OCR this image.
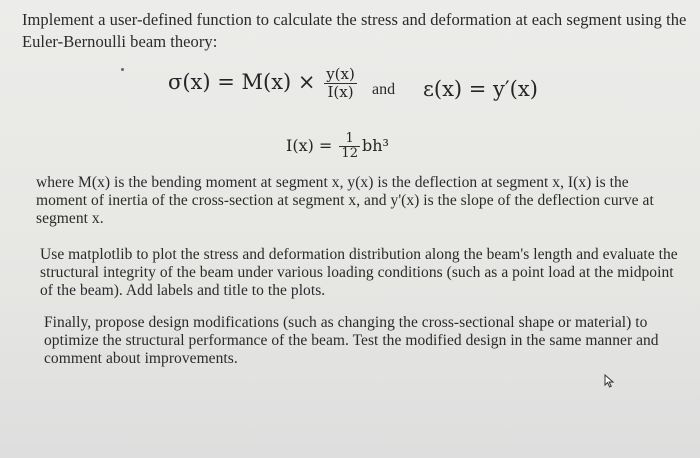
Implement a user-defined function to calculate the stress and deformation at each segment using the Euler-Bernoulli beam theory:

$\sigma(x) = M(x) \times \frac{y(x)}{I(x)}$ and ε(x) = y′(x)
$I(x) = \frac{1}{12} bh^3$

where M(x) is the bending moment at segment x, y(x) is the deflection at segment x, I(x) is the moment of inertia of the cross-section at segment x, and y'(x) is the slope of the deflection curve at segment x.

Use matplotlib to plot the stress and deformation distribution along the beam's length and evaluate the structural integrity of the beam under various loading conditions (such as a point load at the midpoint of the beam). Add labels and title to the plots.

Finally, propose design modifications (such as changing the cross-sectional shape or material) to optimize the structural performance of the beam. Test the modified design in the same manner and comment about improvements.
